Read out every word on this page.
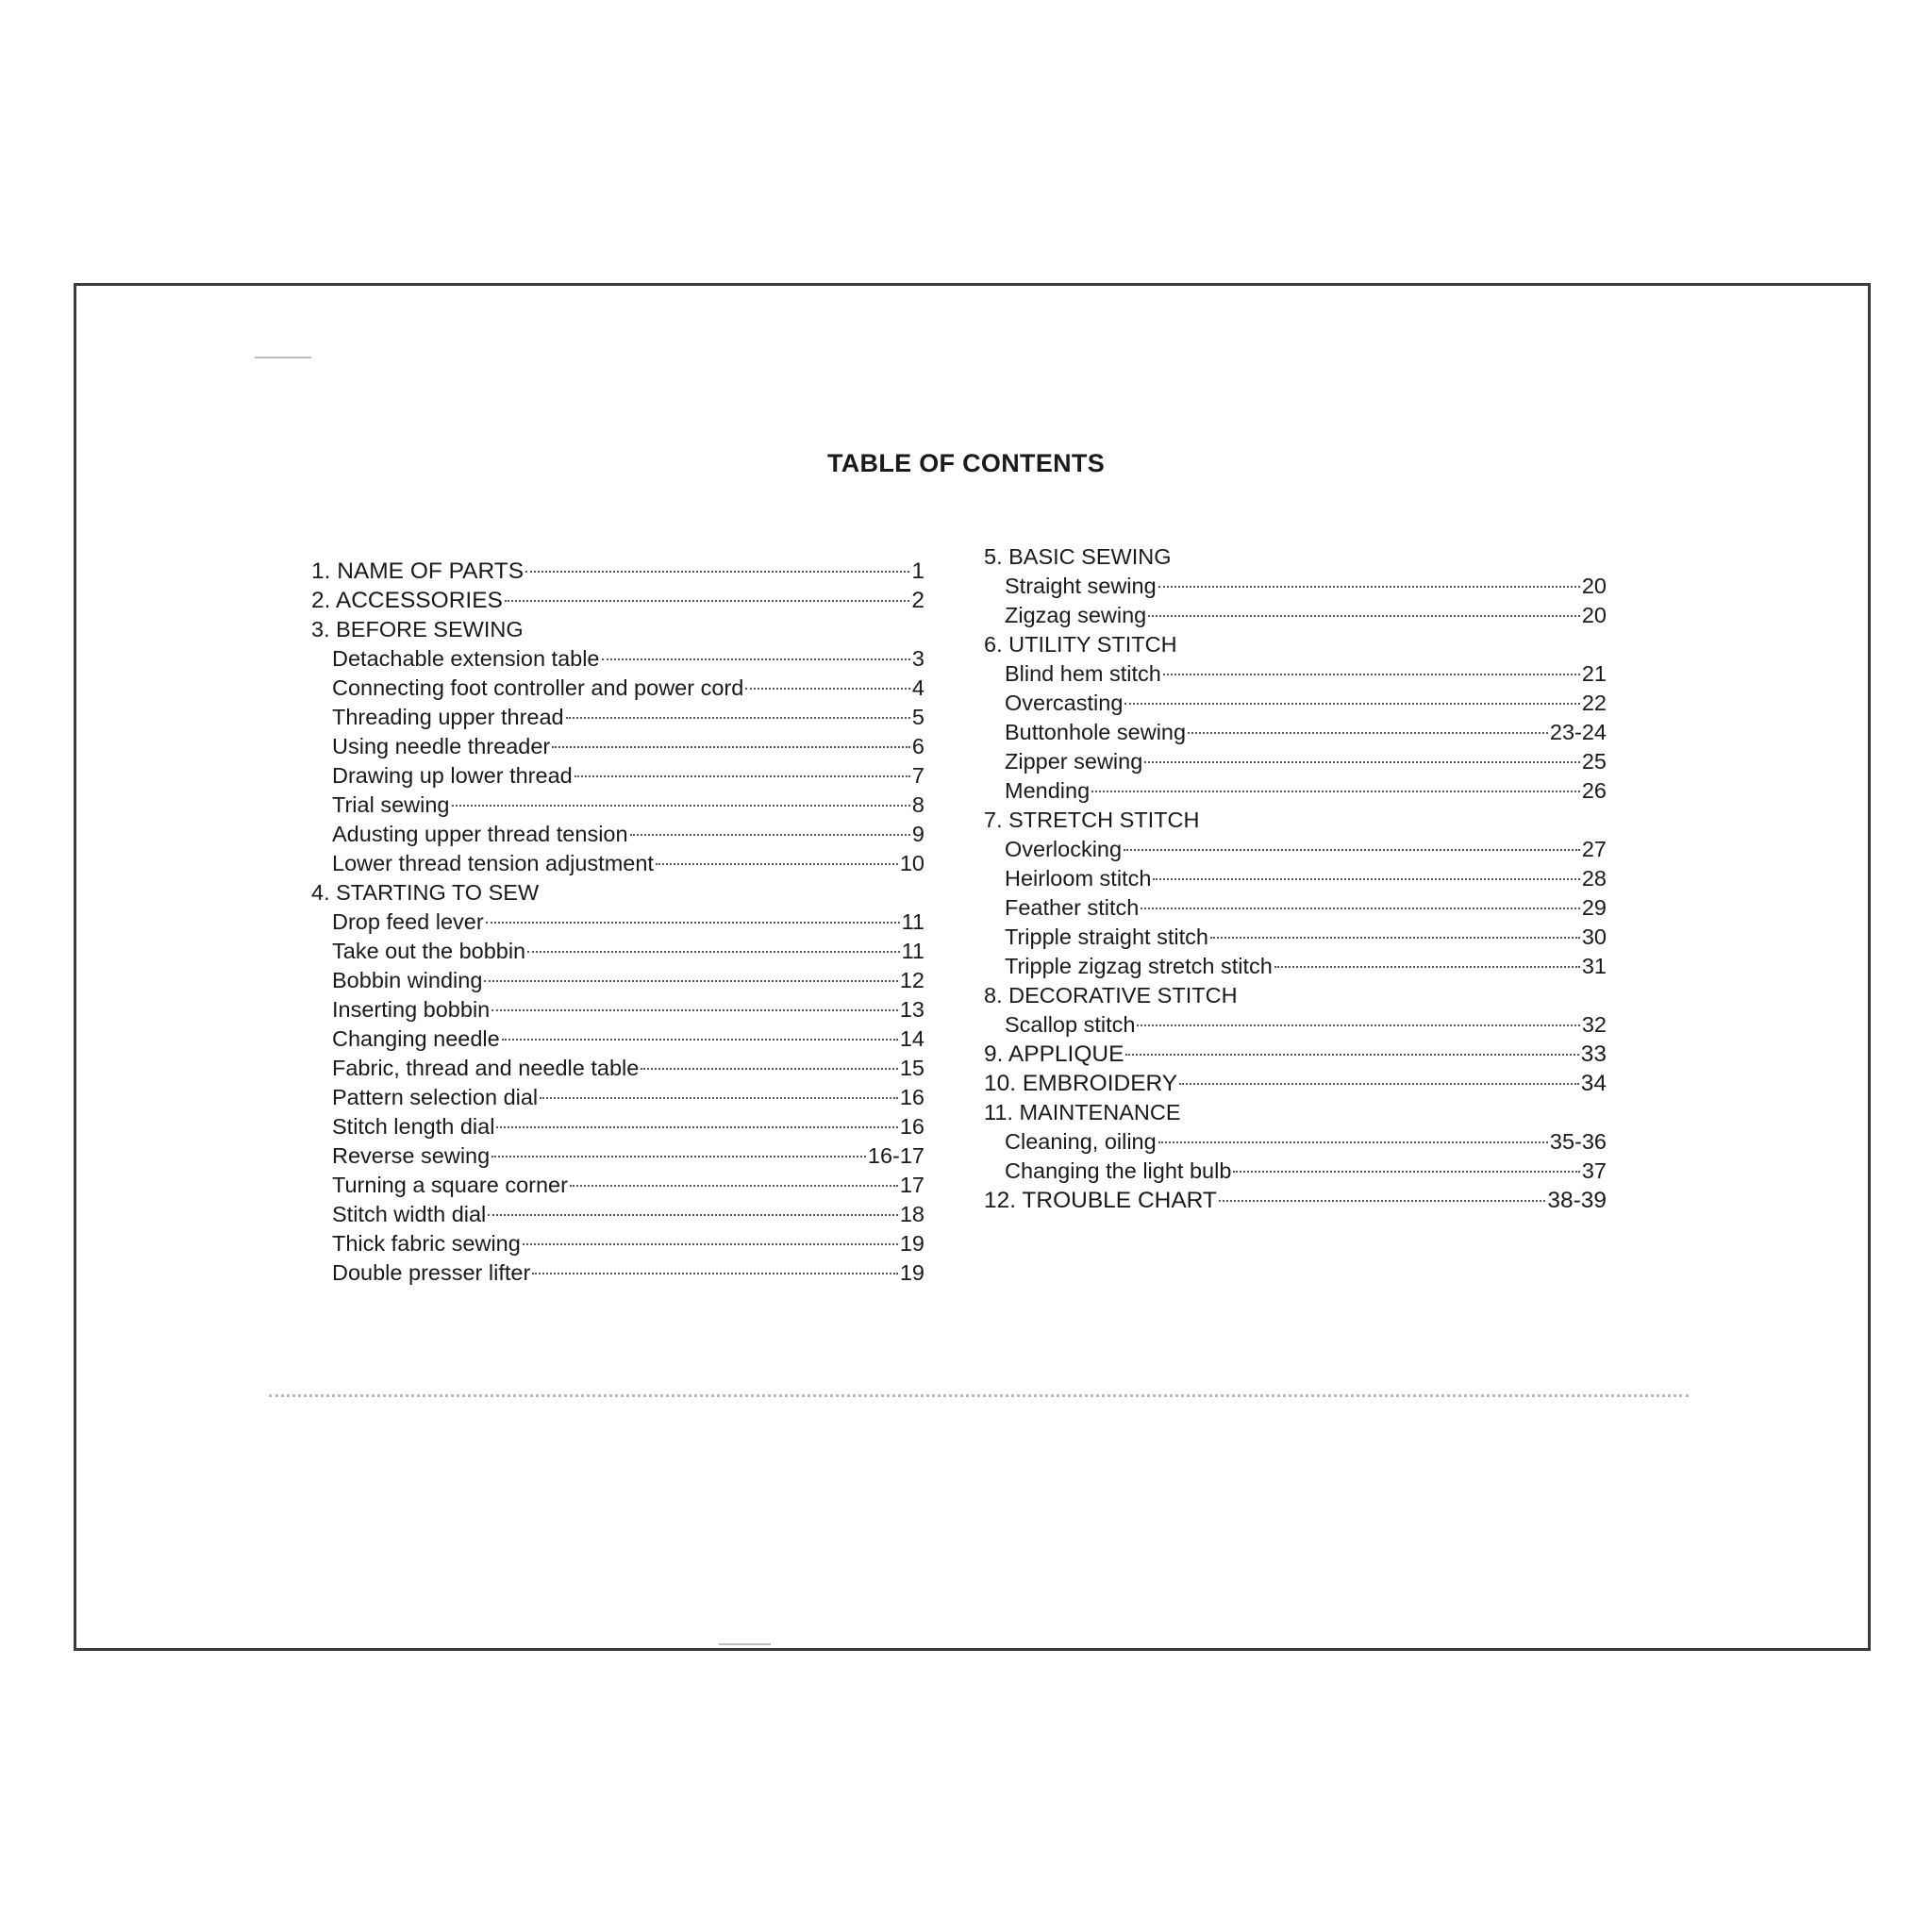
TABLE OF CONTENTS
1. NAME OF PARTS	1
2. ACCESSORIES	2
3. BEFORE SEWING
Detachable extension table	3
Connecting foot controller and power cord	4
Threading upper thread	5
Using needle threader	6
Drawing up lower thread	7
Trial sewing	8
Adusting upper thread tension	9
Lower thread tension adjustment	10
4. STARTING TO SEW
Drop feed lever	11
Take out the bobbin	11
Bobbin winding	12
Inserting bobbin	13
Changing needle	14
Fabric, thread and needle table	15
Pattern selection dial	16
Stitch length dial	16
Reverse sewing	16-17
Turning a square corner	17
Stitch width dial	18
Thick fabric sewing	19
Double presser lifter	19
5. BASIC SEWING
Straight sewing	20
Zigzag sewing	20
6. UTILITY STITCH
Blind hem stitch	21
Overcasting	22
Buttonhole sewing	23-24
Zipper sewing	25
Mending	26
7. STRETCH STITCH
Overlocking	27
Heirloom stitch	28
Feather stitch	29
Tripple straight stitch	30
Tripple zigzag stretch stitch	31
8. DECORATIVE STITCH
Scallop stitch	32
9. APPLIQUE	33
10. EMBROIDERY	34
11. MAINTENANCE
Cleaning, oiling	35-36
Changing the light bulb	37
12. TROUBLE CHART	38-39
